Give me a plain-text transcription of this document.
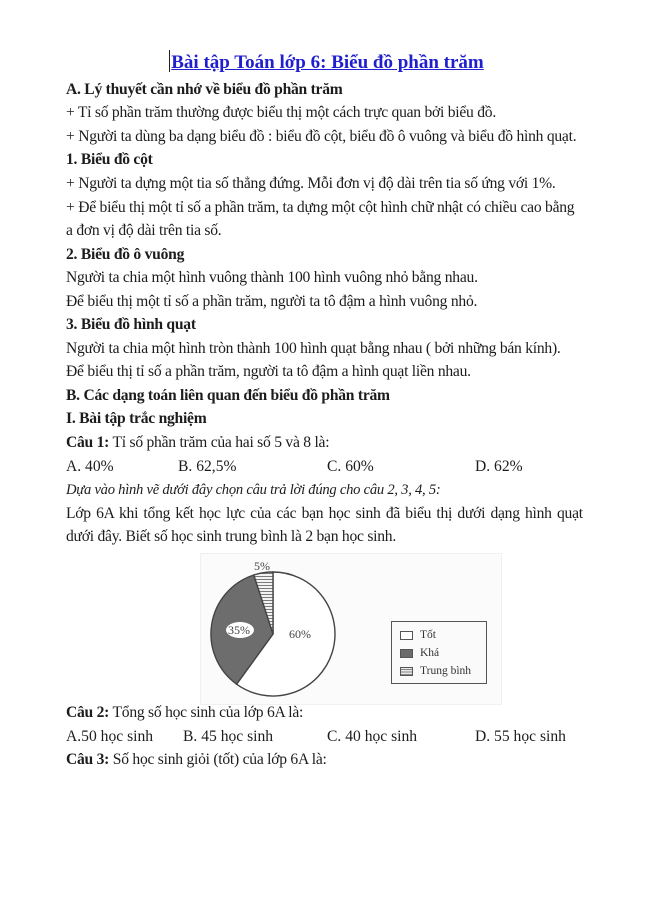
Bài tập Toán lớp 6: Biểu đồ phần trăm
A. Lý thuyết cần nhớ về biểu đồ phần trăm
+ Tỉ số phần trăm thường được biểu thị một cách trực quan bởi biểu đồ.
+ Người ta dùng ba dạng biểu đồ : biểu đồ cột, biểu đồ ô vuông và biểu đồ hình quạt.
1. Biểu đồ cột
+ Người ta dựng một tia số thẳng đứng. Mỗi đơn vị độ dài trên tia số ứng với 1%.
+ Để biểu thị một tỉ số a phần trăm, ta dựng một cột hình chữ nhật có chiều cao bằng
a đơn vị độ dài trên tia số.
2. Biểu đồ ô vuông
Người ta chia một hình vuông thành 100 hình vuông nhỏ bằng nhau.
Để biểu thị một tỉ số a phần trăm, người ta tô đậm a hình vuông nhỏ.
3. Biểu đồ hình quạt
Người ta chia một hình tròn thành 100 hình quạt bằng nhau ( bởi những bán kính).
Để biểu thị tỉ số a phần trăm, người ta tô đậm a hình quạt liền nhau.
B. Các dạng toán liên quan đến biểu đồ phần trăm
I. Bài tập trắc nghiệm
Câu 1: Tỉ số phần trăm của hai số 5 và 8 là:
A. 40%	B. 62,5%	C. 60%	D. 62%
Dựa vào hình vẽ dưới đây chọn câu trả lời đúng cho câu 2, 3, 4, 5:
Lớp 6A khi tổng kết học lực của các bạn học sinh đã biểu thị dưới dạng hình quạt
dưới đây. Biết số học sinh trung bình là 2 bạn học sinh.
5%
60%
35%	Tốt
Khá
Trung bình
Câu 2: Tổng số học sinh của lớp 6A là:
A.50 học sinh B. 45 học sinh	C. 40 học sinh	D. 55 học sinh
Câu 3: Số học sinh giỏi (tốt) của lớp 6A là:
